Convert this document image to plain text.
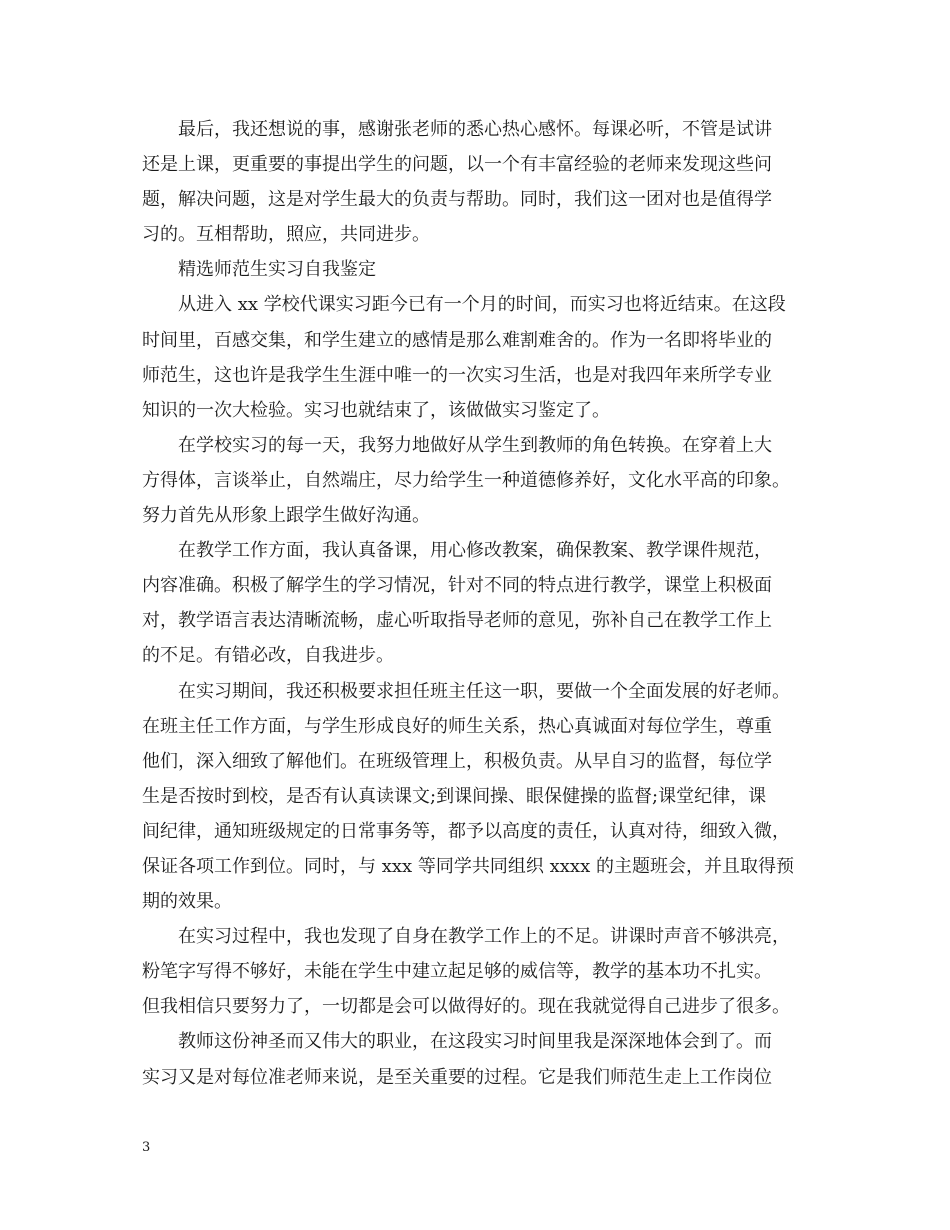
最后，我还想说的事，感谢张老师的悉心热心感怀。每课必听，不管是试讲
还是上课，更重要的事提出学生的问题，以一个有丰富经验的老师来发现这些问
题，解决问题，这是对学生最大的负责与帮助。同时，我们这一团对也是值得学
习的。互相帮助，照应，共同进步。
精选师范生实习自我鉴定
从进入 xx 学校代课实习距今已有一个月的时间，而实习也将近结束。在这段
时间里，百感交集，和学生建立的感情是那么难割难舍的。作为一名即将毕业的
师范生，这也许是我学生生涯中唯一的一次实习生活，也是对我四年来所学专业
知识的一次大检验。实习也就结束了，该做做实习鉴定了。
在学校实习的每一天，我努力地做好从学生到教师的角色转换。在穿着上大
方得体，言谈举止，自然端庄，尽力给学生一种道德修养好，文化水平高的印象。
努力首先从形象上跟学生做好沟通。
在教学工作方面，我认真备课，用心修改教案，确保教案、教学课件规范，
内容准确。积极了解学生的学习情况，针对不同的特点进行教学，课堂上积极面
对，教学语言表达清晰流畅，虚心听取指导老师的意见，弥补自己在教学工作上
的不足。有错必改，自我进步。
在实习期间，我还积极要求担任班主任这一职，要做一个全面发展的好老师。
在班主任工作方面，与学生形成良好的师生关系，热心真诚面对每位学生，尊重
他们，深入细致了解他们。在班级管理上，积极负责。从早自习的监督，每位学
生是否按时到校，是否有认真读课文;到课间操、眼保健操的监督;课堂纪律，课
间纪律，通知班级规定的日常事务等，都予以高度的责任，认真对待，细致入微，
保证各项工作到位。同时，与 xxx 等同学共同组织 xxxx 的主题班会，并且取得预
期的效果。
在实习过程中，我也发现了自身在教学工作上的不足。讲课时声音不够洪亮，
粉笔字写得不够好，未能在学生中建立起足够的威信等，教学的基本功不扎实。
但我相信只要努力了，一切都是会可以做得好的。现在我就觉得自己进步了很多。
教师这份神圣而又伟大的职业，在这段实习时间里我是深深地体会到了。而
实习又是对每位准老师来说，是至关重要的过程。它是我们师范生走上工作岗位
3
